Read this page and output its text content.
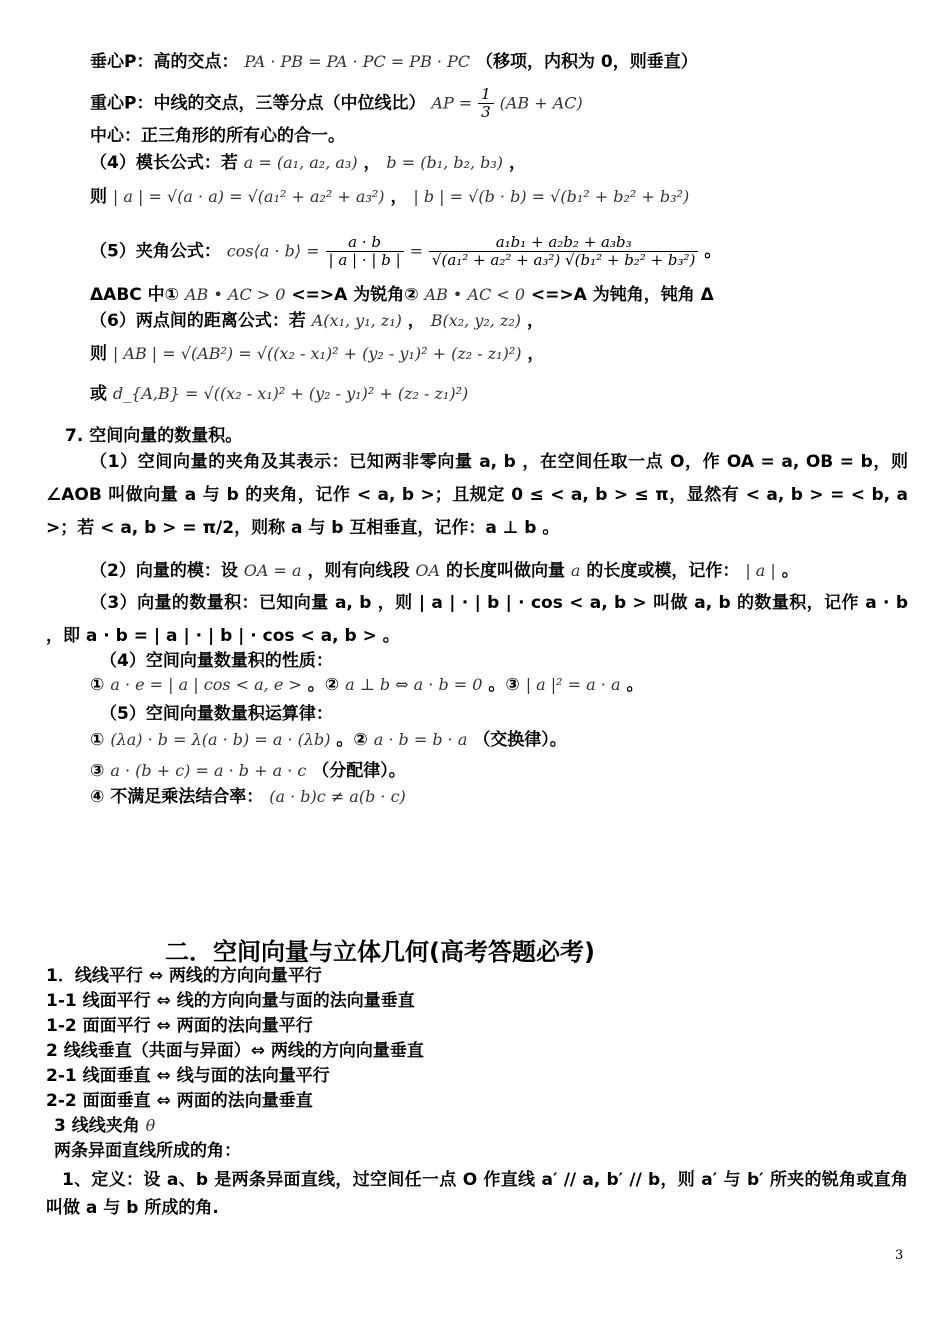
垂心P：高的交点： PA · PB = PA · PC = PB · PC （移项，内积为 0，则垂直）
重心P：中线的交点，三等分点（中位线比） AP = $\frac{1}{3} (AB + AC)$
中心：正三角形的所有心的合一。
（4）模长公式：若 a = (a₁, a₂, a₃) ， b = (b₁, b₂, b₃) ，
则 | a | = √(a · a) = √(a₁² + a₂² + a₃²) ， | b | = √(b · b) = √(b₁² + b₂² + b₃²)
（5）夹角公式： cos⟨a · b⟩ = $\frac{a \cdot b}{| a | \cdot | b |} = \frac{\text{a₁b₁ + a₂b₂ + a₃b₃}}{\text{√(a₁² + a₂² + a₃²) √(b₁² + b₂² + b₃²)}}$ 。
ΔABC 中① AB • AC > 0 <=>A 为锐角② AB • AC < 0 <=>A 为钝角，钝角 Δ
（6）两点间的距离公式：若 A(x₁, y₁, z₁) ， B(x₂, y₂, z₂) ，
则 | AB | = √(AB²) = √((x₂ - x₁)² + (y₂ - y₁)² + (z₂ - z₁)²) ，
或 d_{A,B} = √((x₂ - x₁)² + (y₂ - y₁)² + (z₂ - z₁)²)
7. 空间向量的数量积。
（1）空间向量的夹角及其表示：已知两非零向量 a, b ，在空间任取一点 O，作 OA = a, OB = b，则 ∠AOB 叫做向量 a 与 b 的夹角，记作 < a, b >；且规定 0 ≤ < a, b > ≤ π，显然有 < a, b > = < b, a >；若 < a, b > = π/2，则称 a 与 b 互相垂直，记作：a ⊥ b 。
（2）向量的模：设 OA = a ，则有向线段 OA 的长度叫做向量 a 的长度或模，记作： | a | 。
（3）向量的数量积：已知向量 a, b ，则 | a | · | b | · cos < a, b > 叫做 a, b 的数量积，记作 a · b ，即 a · b = | a | · | b | · cos < a, b > 。
（4）空间向量数量积的性质：
① a · e = | a | cos < a, e > 。② a ⊥ b ⇔ a · b = 0 。③ | a |² = a · a 。
（5）空间向量数量积运算律：
① (λa) · b = λ(a · b) = a · (λb) 。② a · b = b · a （交换律）。
③ a · (b + c) = a · b + a · c （分配律）。
④ 不满足乘法结合率： (a · b)c ≠ a(b · c)
二．空间向量与立体几何(高考答题必考)
1．线线平行 ⇔ 两线的方向向量平行
1-1 线面平行 ⇔ 线的方向向量与面的法向量垂直
1-2 面面平行 ⇔ 两面的法向量平行
2 线线垂直（共面与异面）⇔ 两线的方向向量垂直
2-1 线面垂直 ⇔ 线与面的法向量平行
2-2 面面垂直 ⇔ 两面的法向量垂直
3 线线夹角 θ
两条异面直线所成的角：
1、定义：设 a、b 是两条异面直线，过空间任一点 O 作直线 a′ // a, b′ // b，则 a′ 与 b′ 所夹的锐角或直角叫做 a 与 b 所成的角.
3
